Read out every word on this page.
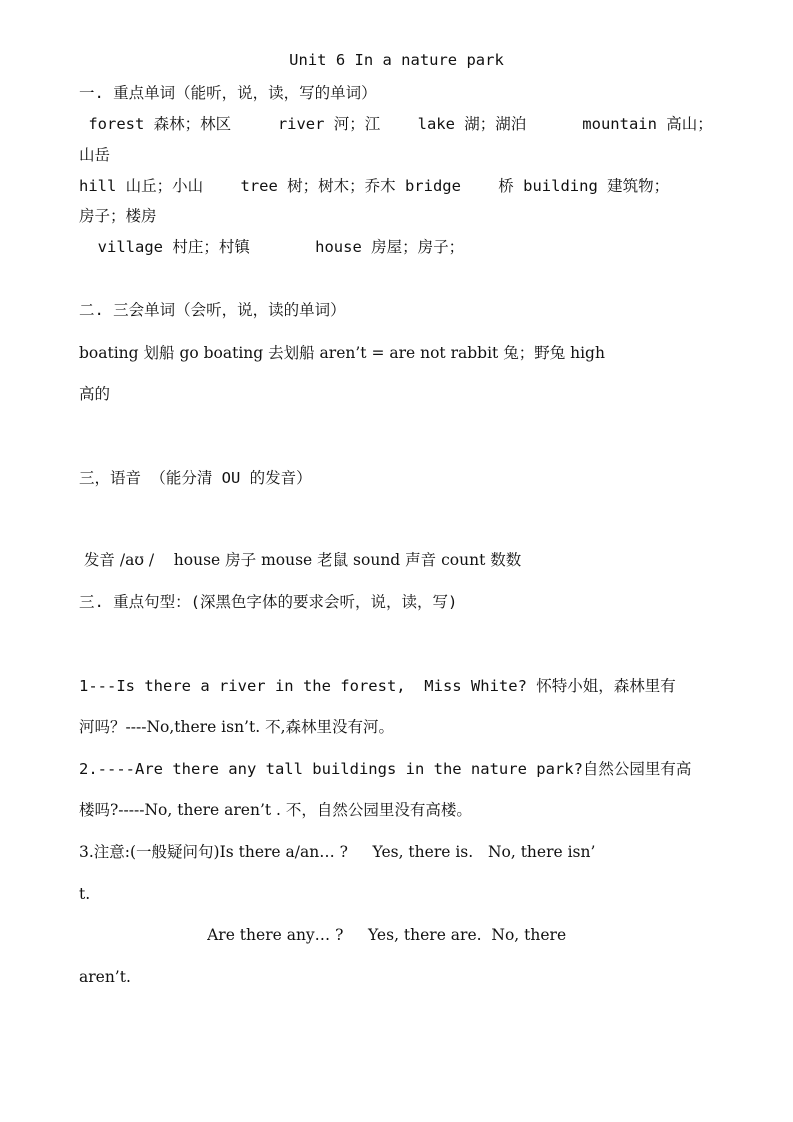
Unit 6 In a nature park
一. 重点单词（能听，说，读，写的单词）
forest 森林；林区     river 河；江    lake 湖；湖泊      mountain 高山；
山岳
hill 山丘；小山    tree 树；树木；乔木 bridge    桥 building 建筑物；
房子；楼房
village 村庄；村镇       house 房屋；房子；
二. 三会单词（会听，说，读的单词）
boating 划船 go boating 去划船 aren’t = are not rabbit 兔；野兔 high
高的
三，语音 （能分清 OU 的发音）
发音 /aʊ /    house 房子 mouse 老鼠 sound 声音 count 数数
三. 重点句型：(深黑色字体的要求会听，说，读，写)
1---Is there a river in the forest,  Miss White? 怀特小姐，森林里有
河吗？----No,there isn’t. 不,森林里没有河。
2.----Are there any tall buildings in the nature park?自然公园里有高
楼吗?-----No, there aren’t . 不，自然公园里没有高楼。
3.注意:(一般疑问句)Is there a/an… ?     Yes, there is.   No, there isn’
t.
Are there any… ?     Yes, there are.  No, there
aren’t.
